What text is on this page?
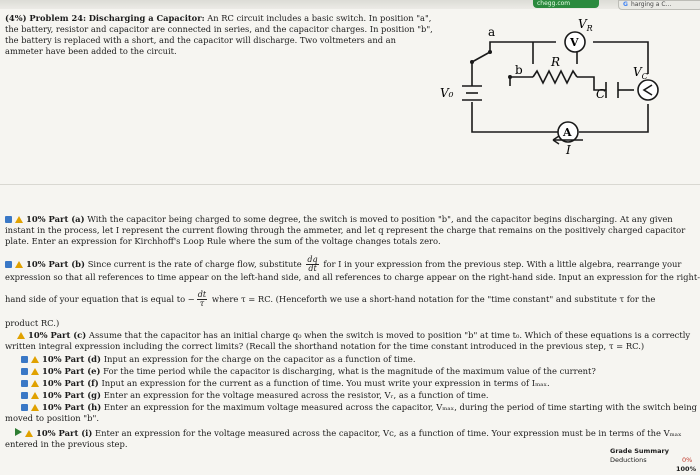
chegg.com	G harging a C...
(4%) Problem 24: Discharging a Capacitor: An RC circuit includes a basic switch. In position "a", the battery, resistor and capacitor are connected in series, and the capacitor charges. In position "b", the battery is replaced with a short, and the capacitor will discharge. Two voltmeters and an ammeter have been added to the circuit.
a
b
R
C
V₀
$V_R$
$V_C$
V
A
I
10% Part (a) With the capacitor being charged to some degree, the switch is moved to position "b", and the capacitor begins discharging. At any given instant in the process, let I represent the current flowing through the ammeter, and let q represent the charge that remains on the positively charged capacitor plate. Enter an expression for Kirchhoff's Loop Rule where the sum of the voltage changes totals zero.
10% Part (b) Since current is the rate of charge flow, substitute $\frac{dq}{dt}$ for I in your expression from the previous step. With a little algebra, rearrange your
expression so that all references to time appear on the left-hand side, and all references to charge appear on the right-hand side. Input an expression for the right-
hand side of your equation that is equal to − $\frac{dt}{\tau}$ where τ = RC. (Henceforth we use a short-hand notation for the "time constant" and substitute τ for the
product RC.)
10% Part (c) Assume that the capacitor has an initial charge q₀ when the switch is moved to position "b" at time t₀. Which of these equations is a correctly written integral expression including the correct limits? (Recall the shorthand notation for the time constant introduced in the previous step, τ = RC.)
10% Part (d) Input an expression for the charge on the capacitor as a function of time.
10% Part (e) For the time period while the capacitor is discharging, what is the magnitude of the maximum value of the current?
10% Part (f) Input an expression for the current as a function of time. You must write your expression in terms of Iₘₐₓ.
10% Part (g) Enter an expression for the voltage measured across the resistor, Vᵣ, as a function of time.
10% Part (h) Enter an expression for the maximum voltage measured across the capacitor, Vₘₐₓ, during the period of time starting with the switch being moved to position "b".
10% Part (i) Enter an expression for the voltage measured across the capacitor, Vᴄ, as a function of time. Your expression must be in terms of the Vₘₐₓ entered in the previous step.
Grade Summary
Deductions	0%
100%
